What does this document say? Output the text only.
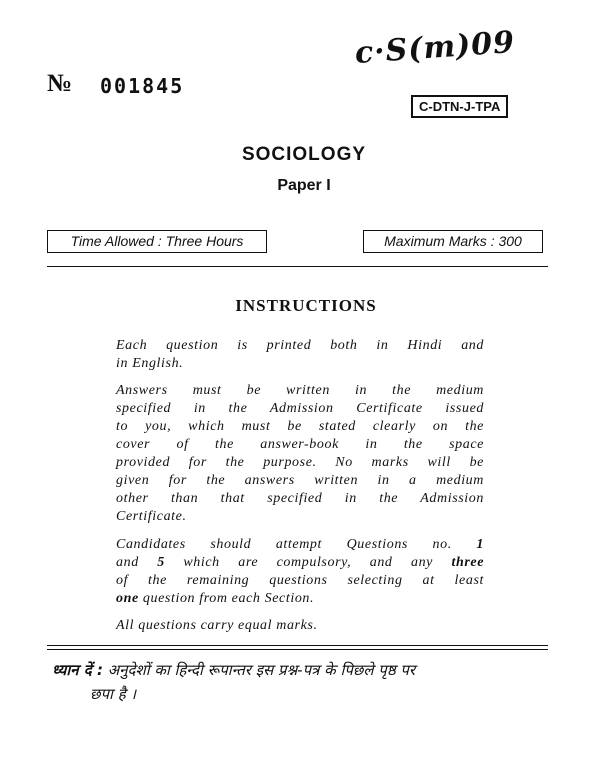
№ 001845
c·S(m)09
C-DTN-J-TPA
SOCIOLOGY
Paper I
Time Allowed : Three Hours	Maximum Marks : 300
INSTRUCTIONS
Each question is printed both in Hindi and
in English.
Answers must be written in the medium
specified in the Admission Certificate issued
to you, which must be stated clearly on the
cover of the answer-book in the space
provided for the purpose. No marks will be
given for the answers written in a medium
other than that specified in the Admission
Certificate.
Candidates should attempt Questions no. 1
and 5 which are compulsory, and any three
of the remaining questions selecting at least
one question from each Section.
All questions carry equal marks.
ध्यान दें : अनुदेशों का हिन्दी रूपान्तर इस प्रश्न-पत्र के पिछले पृष्ठ पर
छपा है ।
